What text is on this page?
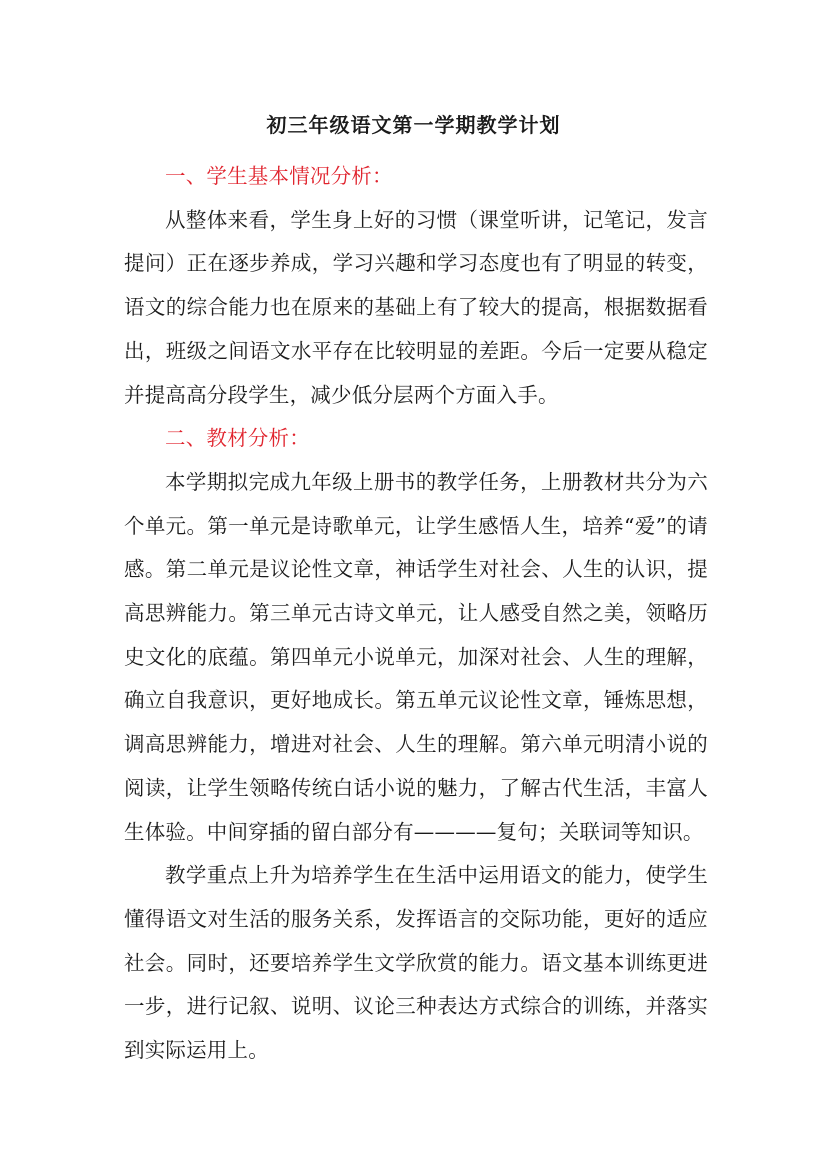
初三年级语文第一学期教学计划

一、学生基本情况分析：

从整体来看，学生身上好的习惯（课堂听讲，记笔记，发言提问）正在逐步养成，学习兴趣和学习态度也有了明显的转变，语文的综合能力也在原来的基础上有了较大的提高，根据数据看出，班级之间语文水平存在比较明显的差距。今后一定要从稳定并提高高分段学生，减少低分层两个方面入手。

二、教材分析：

本学期拟完成九年级上册书的教学任务，上册教材共分为六个单元。第一单元是诗歌单元，让学生感悟人生，培养“爱”的请感。第二单元是议论性文章，神话学生对社会、人生的认识，提高思辨能力。第三单元古诗文单元，让人感受自然之美，领略历史文化的底蕴。第四单元小说单元，加深对社会、人生的理解，确立自我意识，更好地成长。第五单元议论性文章，锤炼思想，调高思辨能力，增进对社会、人生的理解。第六单元明清小说的阅读，让学生领略传统白话小说的魅力，了解古代生活，丰富人生体验。中间穿插的留白部分有————复句；关联词等知识。

教学重点上升为培养学生在生活中运用语文的能力，使学生懂得语文对生活的服务关系，发挥语言的交际功能，更好的适应社会。同时，还要培养学生文学欣赏的能力。语文基本训练更进一步，进行记叙、说明、议论三种表达方式综合的训练，并落实到实际运用上。
